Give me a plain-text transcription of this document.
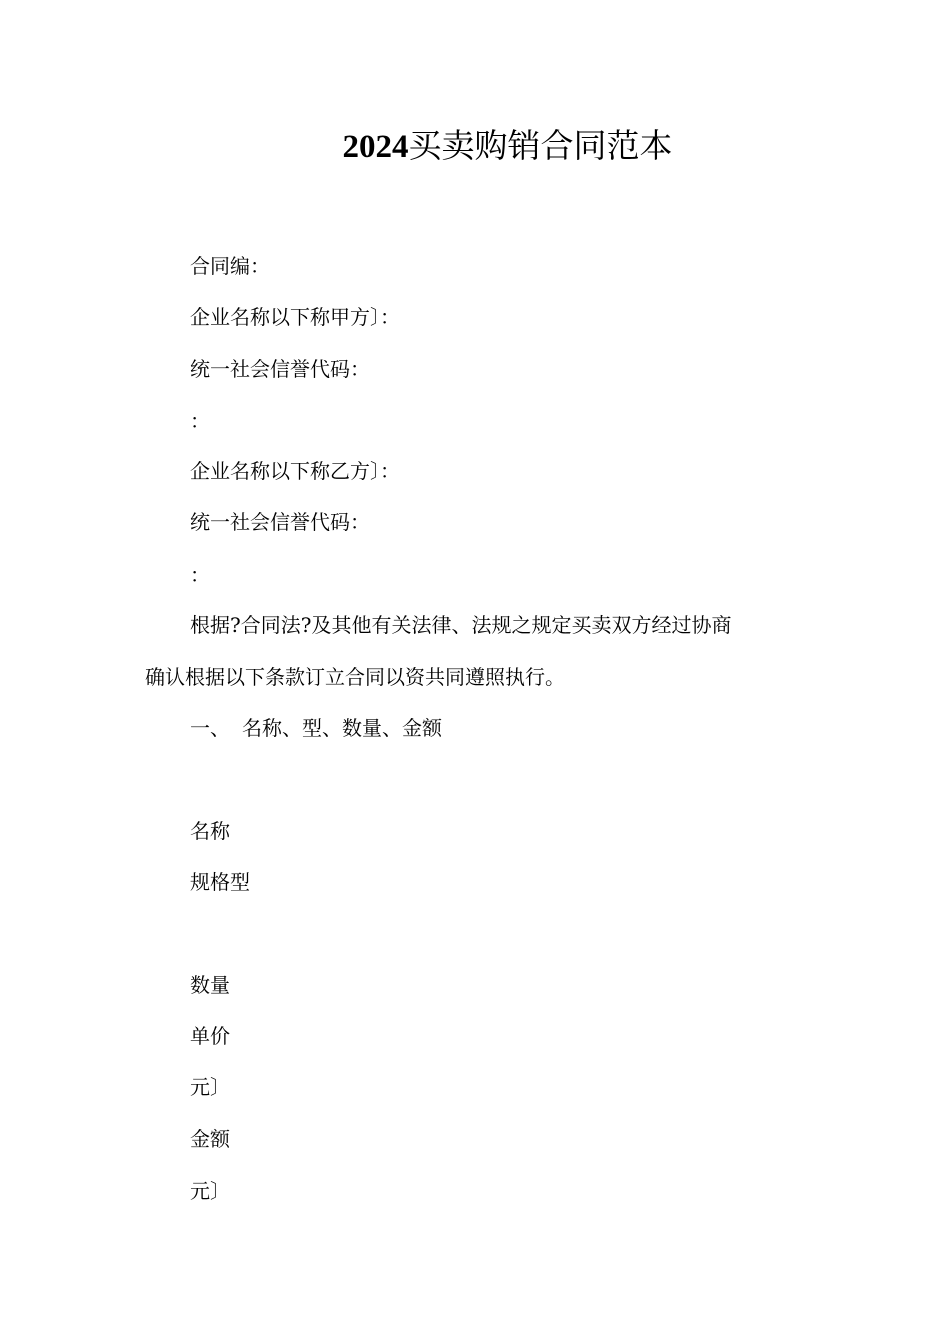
2024买卖购销合同范本
合同编：
企业名称以下称甲方〕：
统一社会信誉代码：
：
企业名称以下称乙方〕：
统一社会信誉代码：
：
根据?合同法?及其他有关法律、法规之规定买卖双方经过协商
确认根据以下条款订立合同以资共同遵照执行。
一、 名称、型、数量、金额
名称
规格型
数量
单价
元〕
金额
元〕
